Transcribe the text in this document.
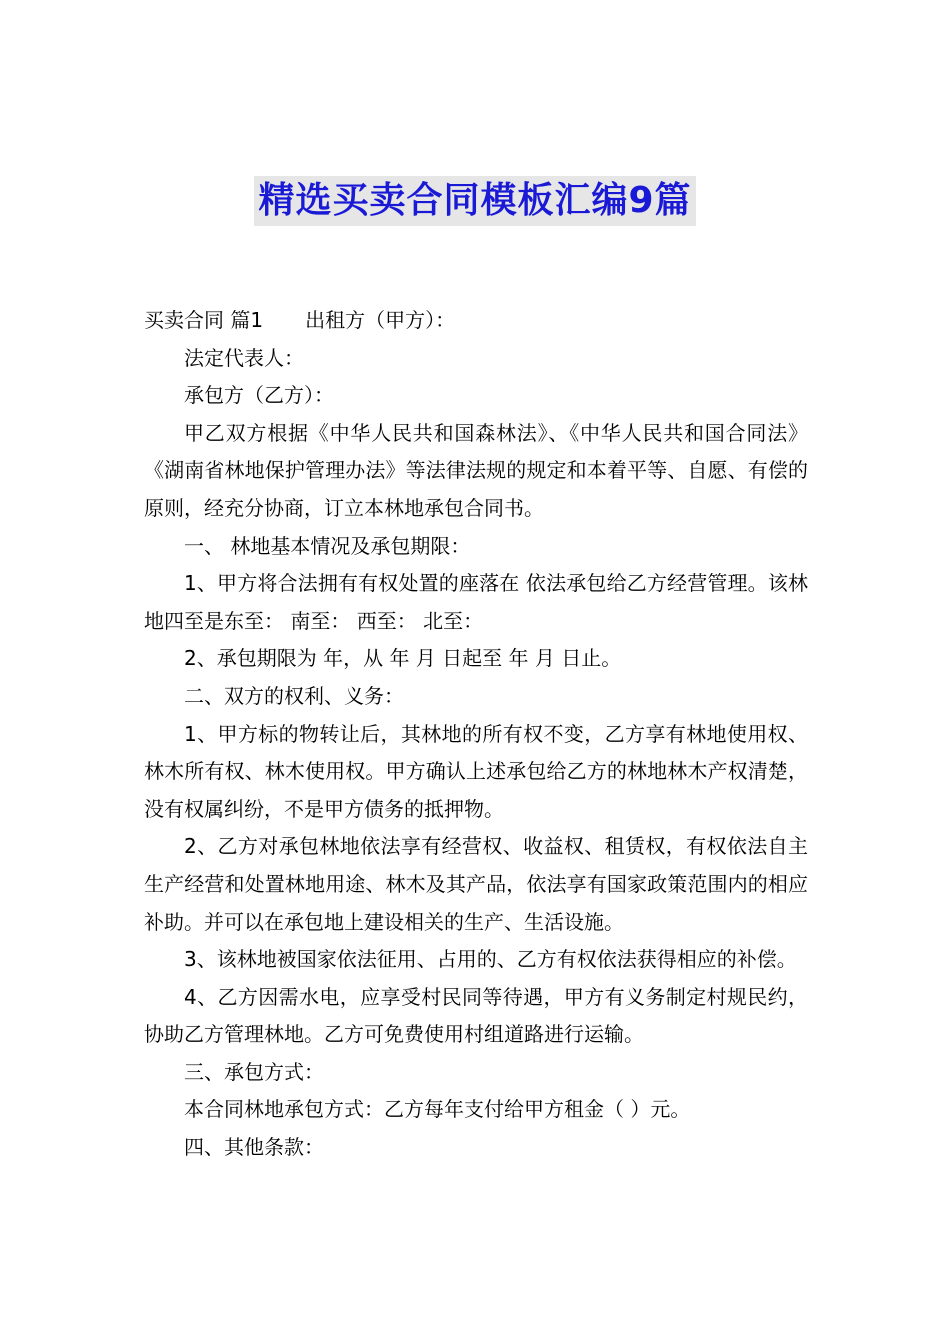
精选买卖合同模板汇编9篇

买卖合同 篇1 出租方（甲方）：

法定代表人：

承包方（乙方）：

甲乙双方根据《中华人民共和国森林法》、《中华人民共和国合同法》《湖南省林地保护管理办法》等法律法规的规定和本着平等、自愿、有偿的原则，经充分协商，订立本林地承包合同书。

一、 林地基本情况及承包期限：

1、甲方将合法拥有有权处置的座落在 依法承包给乙方经营管理。该林地四至是东至： 南至： 西至： 北至：

2、承包期限为 年，从 年 月 日起至 年 月 日止。

二、双方的权利、义务：

1、甲方标的物转让后，其林地的所有权不变，乙方享有林地使用权、林木所有权、林木使用权。甲方确认上述承包给乙方的林地林木产权清楚，没有权属纠纷，不是甲方债务的抵押物。

2、乙方对承包林地依法享有经营权、收益权、租赁权，有权依法自主生产经营和处置林地用途、林木及其产品，依法享有国家政策范围内的相应补助。并可以在承包地上建设相关的生产、生活设施。

3、该林地被国家依法征用、占用的、乙方有权依法获得相应的补偿。

4、乙方因需水电，应享受村民同等待遇，甲方有义务制定村规民约，协助乙方管理林地。乙方可免费使用村组道路进行运输。

三、承包方式：

本合同林地承包方式：乙方每年支付给甲方租金（ ）元。

四、其他条款：
